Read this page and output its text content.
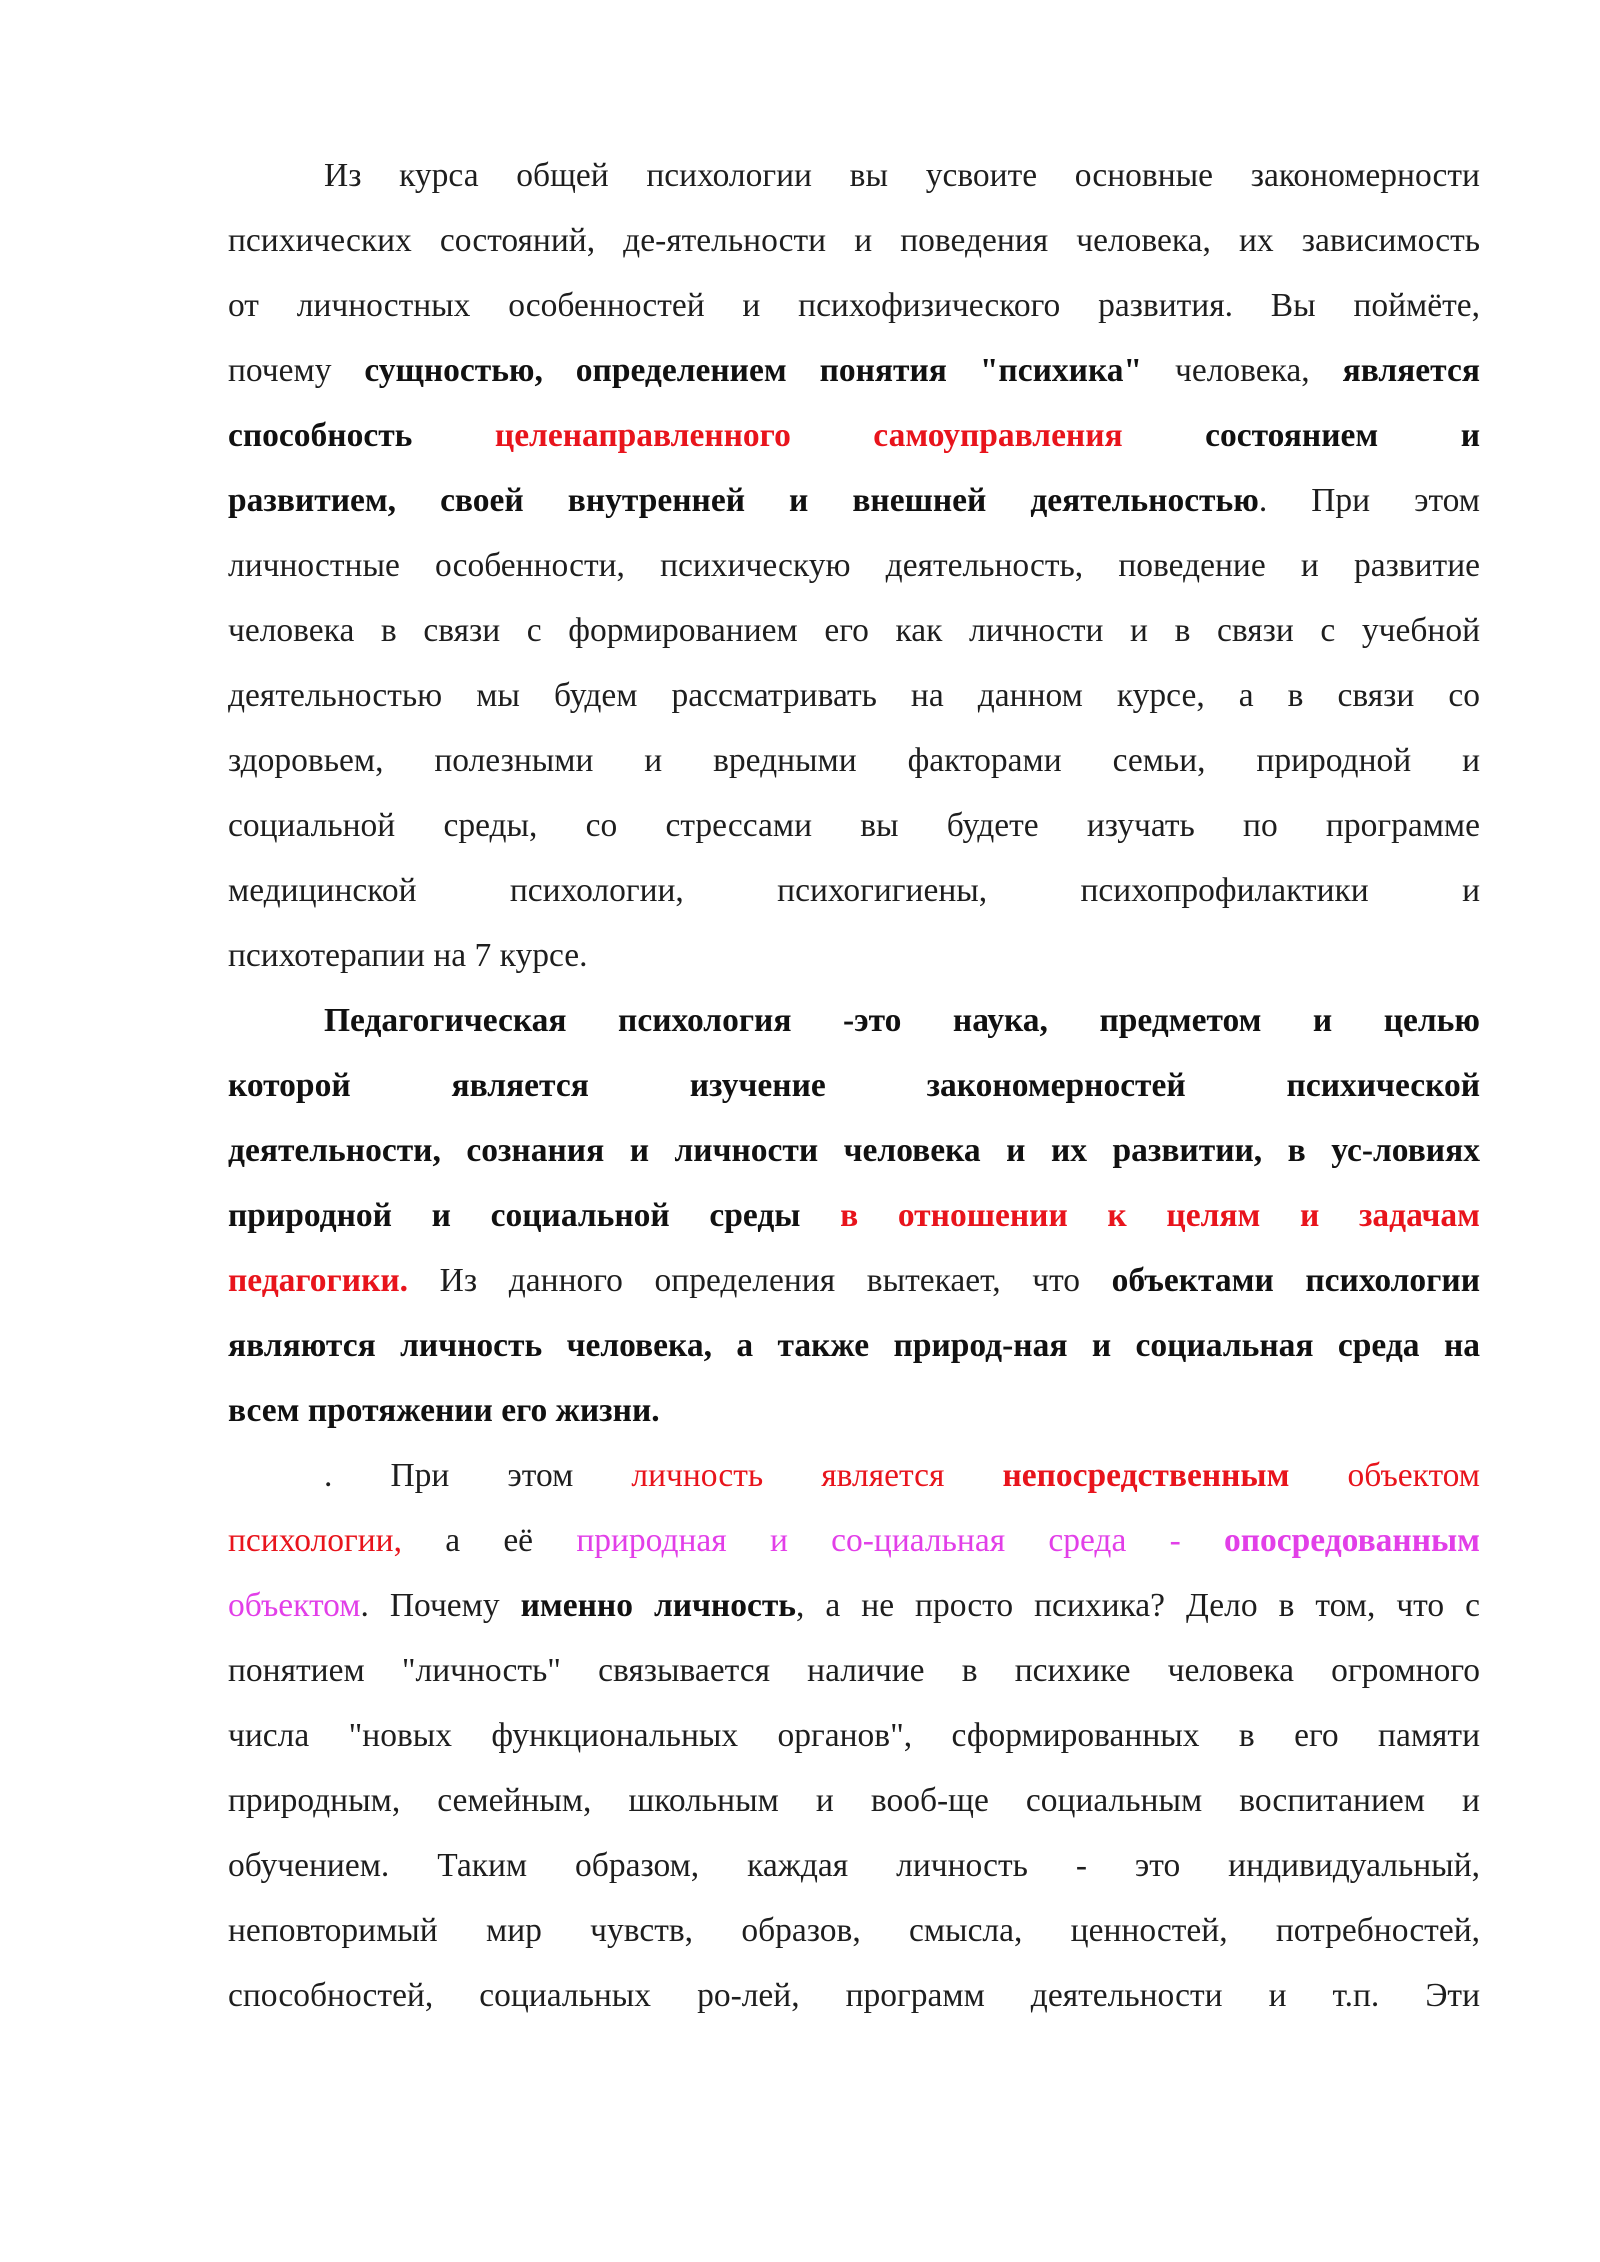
Из курса общей психологии вы усвоите основные закономерности
психических состояний, де-ятельности и поведения человека, их зависимость
от личностных особенностей и психофизического развития. Вы поймёте,
почему сущностью, определением понятия "психика" человека, является
способность целенаправленного самоуправления состоянием и
развитием, своей внутренней и внешней деятельностью. При этом
личностные особенности, психическую деятельность, поведение и развитие
человека в связи с формированием его как личности и в связи с учебной
деятельностью мы будем рассматривать на данном курсе, а в связи со
здоровьем, полезными и вредными факторами семьи, природной и
социальной среды, со стрессами вы будете изучать по программе
медицинской психологии, психогигиены, психопрофилактики и
психотерапии на 7 курсе.
Педагогическая психология -это наука, предметом и целью
которой является изучение закономерностей психической
деятельности, сознания и личности человека и их развитии, в ус-ловиях
природной и социальной среды в отношении к целям и задачам
педагогики. Из данного определения вытекает, что объектами психологии
являются личность человека, а также природ-ная и социальная среда на
всем протяжении его жизни.
. При этом личность является непосредственным объектом
психологии, а её природная и со-циальная среда - опосредованным
объектом. Почему именно личность, а не просто психика? Дело в том, что с
понятием "личность" связывается наличие в психике человека огромного
числа "новых функциональных органов", сформированных в его памяти
природным, семейным, школьным и вооб-ще социальным воспитанием и
обучением. Таким образом, каждая личность - это индивидуальный,
неповторимый мир чувств, образов, смысла, ценностей, потребностей,
способностей, социальных ро-лей, программ деятельности и т.п. Эти
